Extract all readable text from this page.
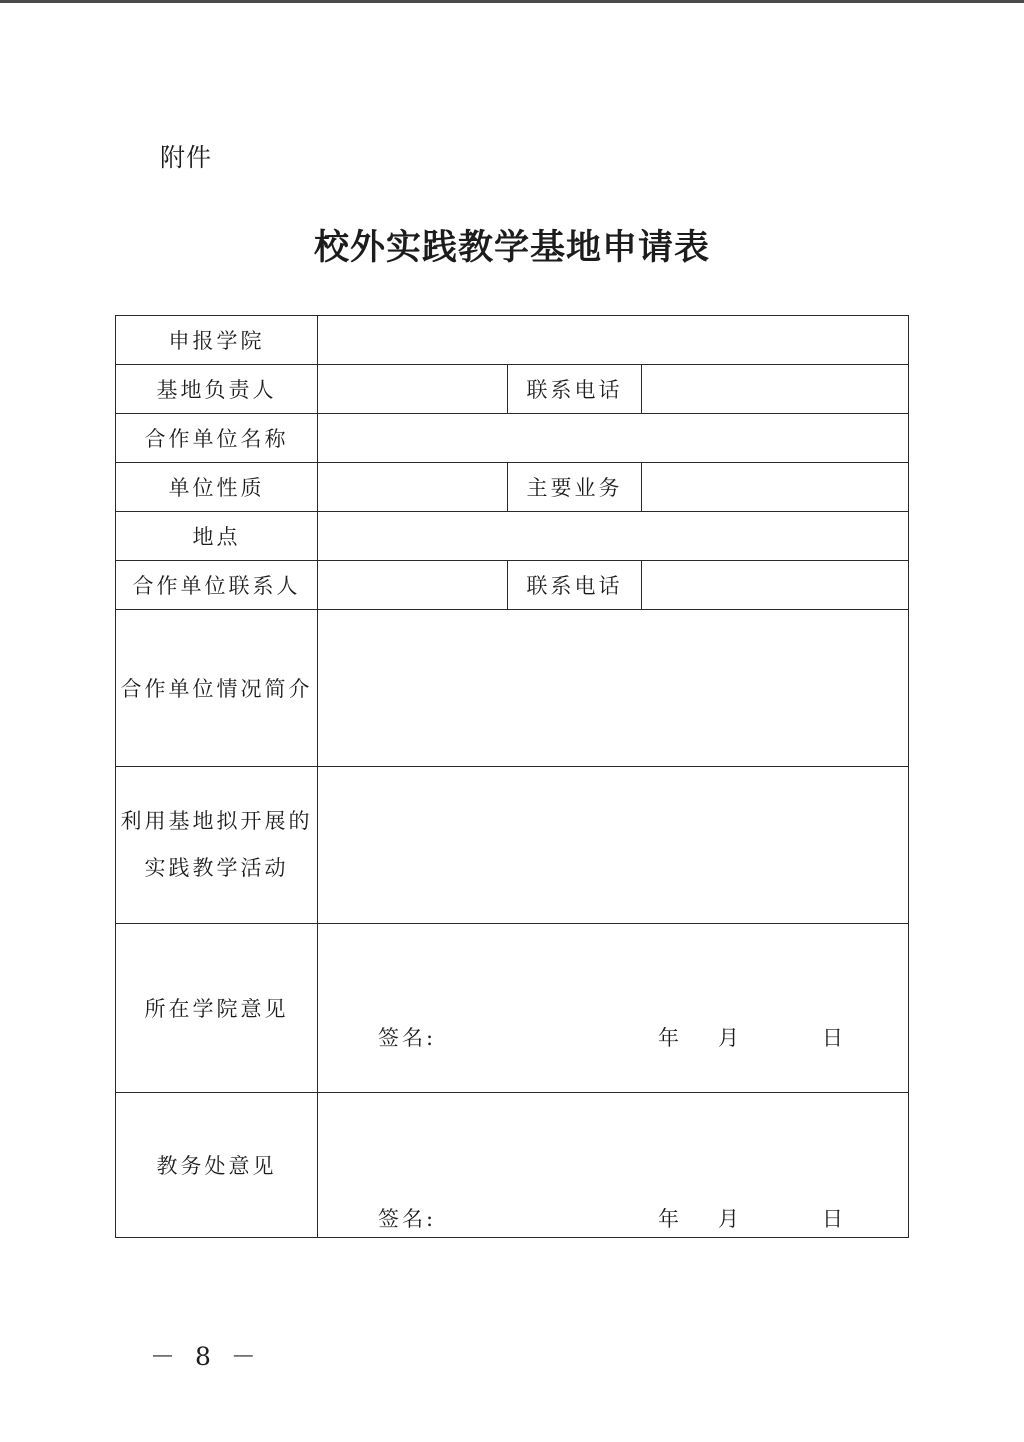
附件
校外实践教学基地申请表
申报学院			
基地负责人		联系电话	
合作单位名称			
单位性质		主要业务	
地点			
合作单位联系人		联系电话	
合作单位情况简介			

利用基地拟开展的
实践教学活动			

所在学院意见	签名: 年 月 日		

教务处意见	签名: 年 月 日		
－ 8 －
